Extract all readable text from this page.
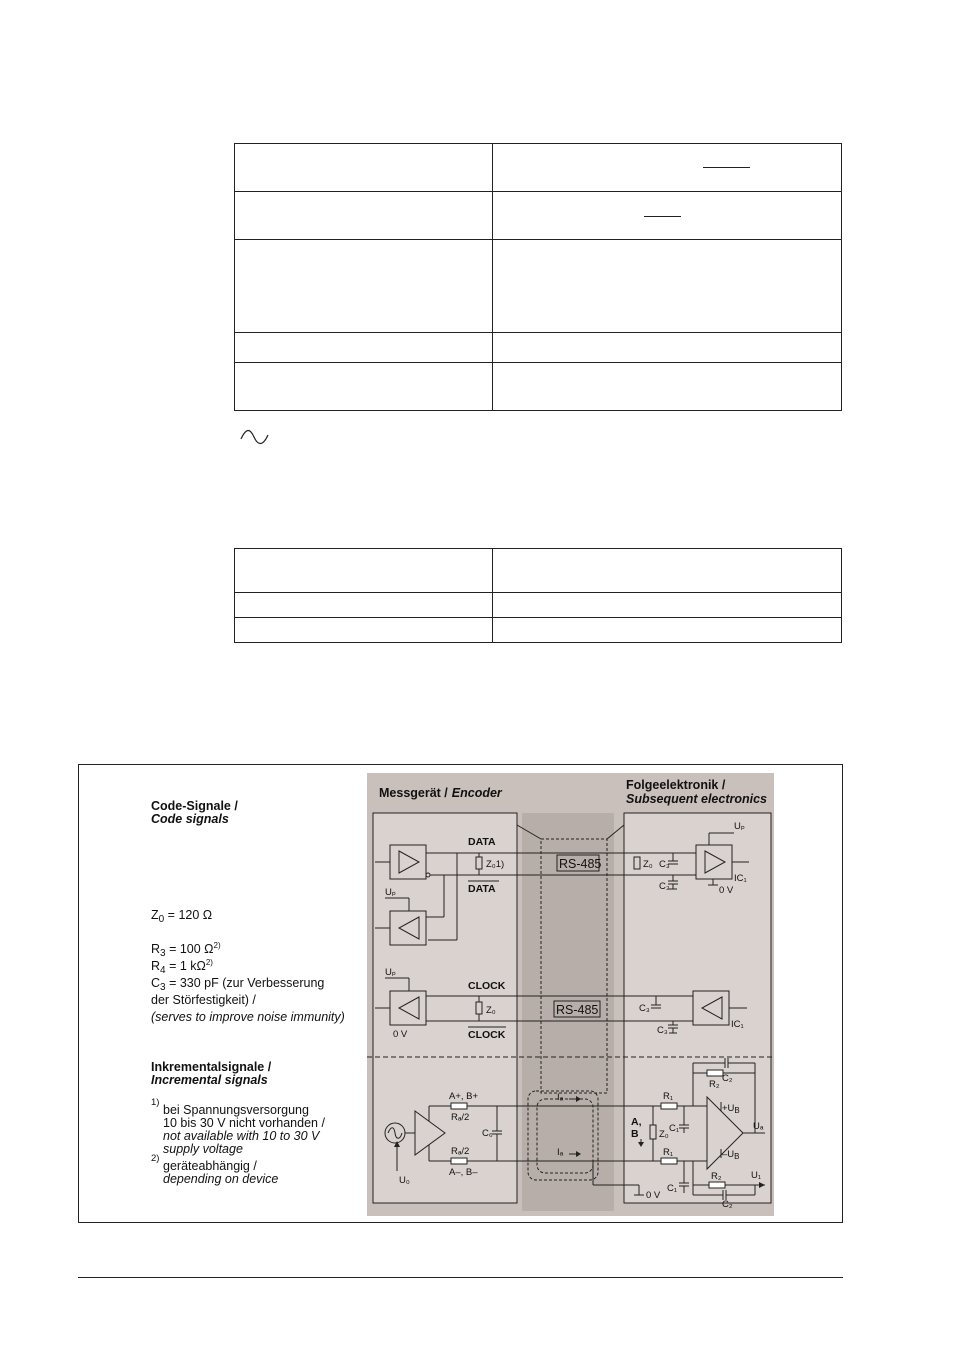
Code-Signale /
Code signals
$Z_0 = 120$ Ω
$R_3 = 100$ $\Omega^{2)}$
$R_4 = 1$ $k\Omega^{2)}$
$C_3 = 330$ pF (zur Verbesserung
der Störfestigkeit) /
(serves to improve noise immunity)
Inkrementalsignale /
Incremental signals
1)
bei Spannungsversorgung
10 bis 30 V nicht vorhanden /
not available with 10 to 30 V
supply voltage
2)
geräteabhängig /
depending on device
Messgerät / Encoder
Folgeelektronik /
Subsequent electronics
DATA
DATA
Z₀1)	RS-485	Z₀ C₃
C₃
IC₁
Uₚ
0 V
Uₚ
Uₚ
0 V
CLOCK
CLOCK
Z₀	RS-485	C₃
C₃
IC₁
U₀
A+, B+
A–, B–
Rₐ/2
Rₐ/2
C₆
Iₐ
Iₐ
0 V
A,
B Z₀
R₁
R₁
C₁
C₁
Uₐ
$+U_B$
$-U_B$
R₂
C₂
R₂
C₂
U₁
